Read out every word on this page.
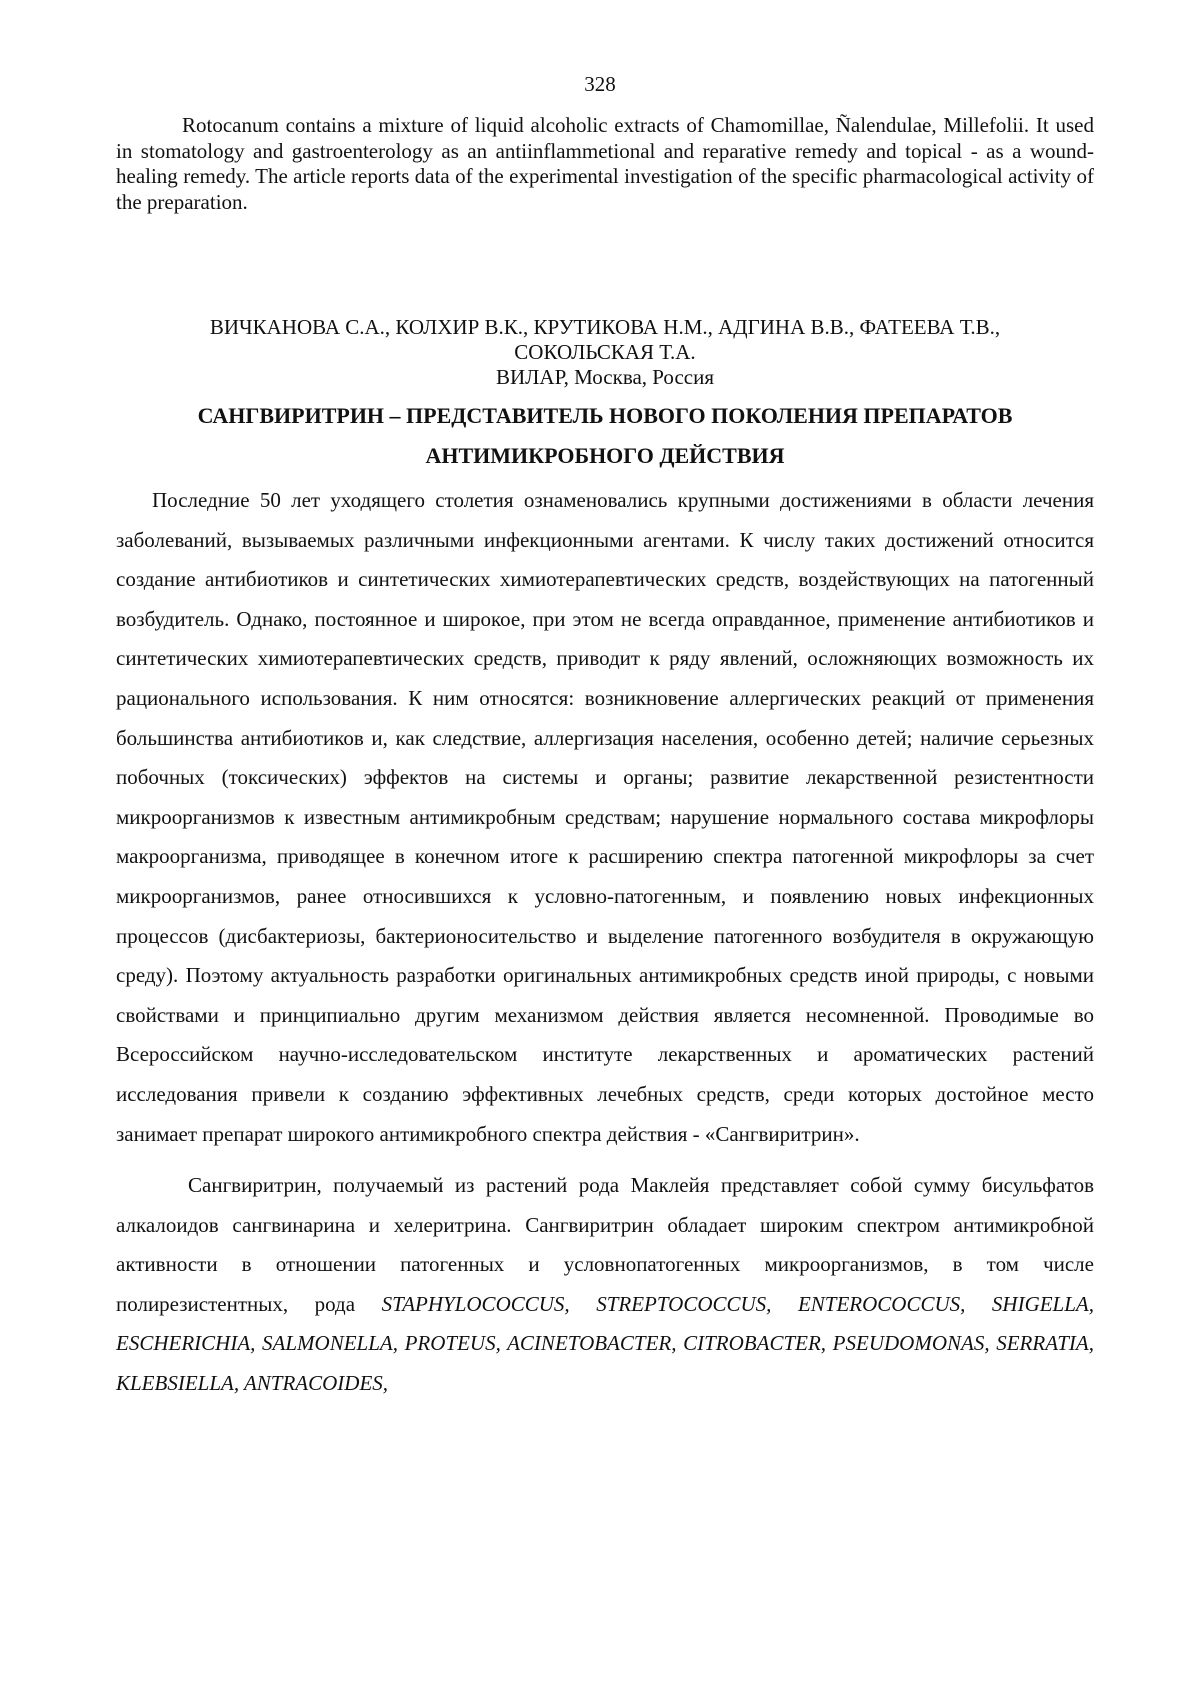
328

Rotocanum contains a mixture of liquid alcoholic extracts of Chamomillae, Ñalendulae, Millefolii. It used in stomatology and gastroenterology as an antiinflammetional and reparative remedy and topical - as a wound-healing remedy. The article reports data of the experimental investigation of the specific pharmacological activity of the preparation.

ВИЧКАНОВА С.А., КОЛХИР В.К., КРУТИКОВА Н.М., АДГИНА В.В., ФАТЕЕВА Т.В.,
СОКОЛЬСКАЯ Т.А.
ВИЛАР, Москва, Россия
САНГВИРИТРИН – ПРЕДСТАВИТЕЛЬ НОВОГО ПОКОЛЕНИЯ ПРЕПАРАТОВ
АНТИМИКРОБНОГО ДЕЙСТВИЯ

Последние 50 лет уходящего столетия ознаменовались крупными достижениями в области лечения заболеваний, вызываемых различными инфекционными агентами. К числу таких достижений относится создание антибиотиков и синтетических химиотерапевтических средств, воздействующих на патогенный возбудитель. Однако, постоянное и широкое, при этом не всегда оправданное, применение антибиотиков и синтетических химиотерапевтических средств, приводит к ряду явлений, осложняющих возможность их рационального использования. К ним относятся: возникновение аллергических реакций от применения большинства антибиотиков и, как следствие, аллергизация населения, особенно детей; наличие серьезных побочных (токсических) эффектов на системы и органы; развитие лекарственной резистентности микроорганизмов к известным антимикробным средствам; нарушение нормального состава микрофлоры макроорганизма, приводящее в конечном итоге к расширению спектра патогенной микрофлоры за счет микроорганизмов, ранее относившихся к условно-патогенным, и появлению новых инфекционных процессов (дисбактериозы, бактерионосительство и выделение патогенного возбудителя в окружающую среду). Поэтому актуальность разработки оригинальных антимикробных средств иной природы, с новыми свойствами и принципиально другим механизмом действия является несомненной. Проводимые во Всероссийском научно-исследовательском институте лекарственных и ароматических растений исследования привели к созданию эффективных лечебных средств, среди которых достойное место занимает препарат широкого антимикробного спектра действия - «Сангвиритрин».

Сангвиритрин, получаемый из растений рода Маклейя представляет собой сумму бисульфатов алкалоидов сангвинарина и хелеритрина. Сангвиритрин обладает широким спектром антимикробной активности в отношении патогенных и условнопатогенных микроорганизмов, в том числе полирезистентных, рода STAPHYLOCOCCUS, STREPTOCOCCUS, ENTEROCOCCUS, SHIGELLA, ESCHERICHIA, SALMONELLA, PROTEUS, ACINETOBACTER, CITROBACTER, PSEUDOMONAS, SERRATIA, KLEBSIELLA, ANTRACOIDES,
